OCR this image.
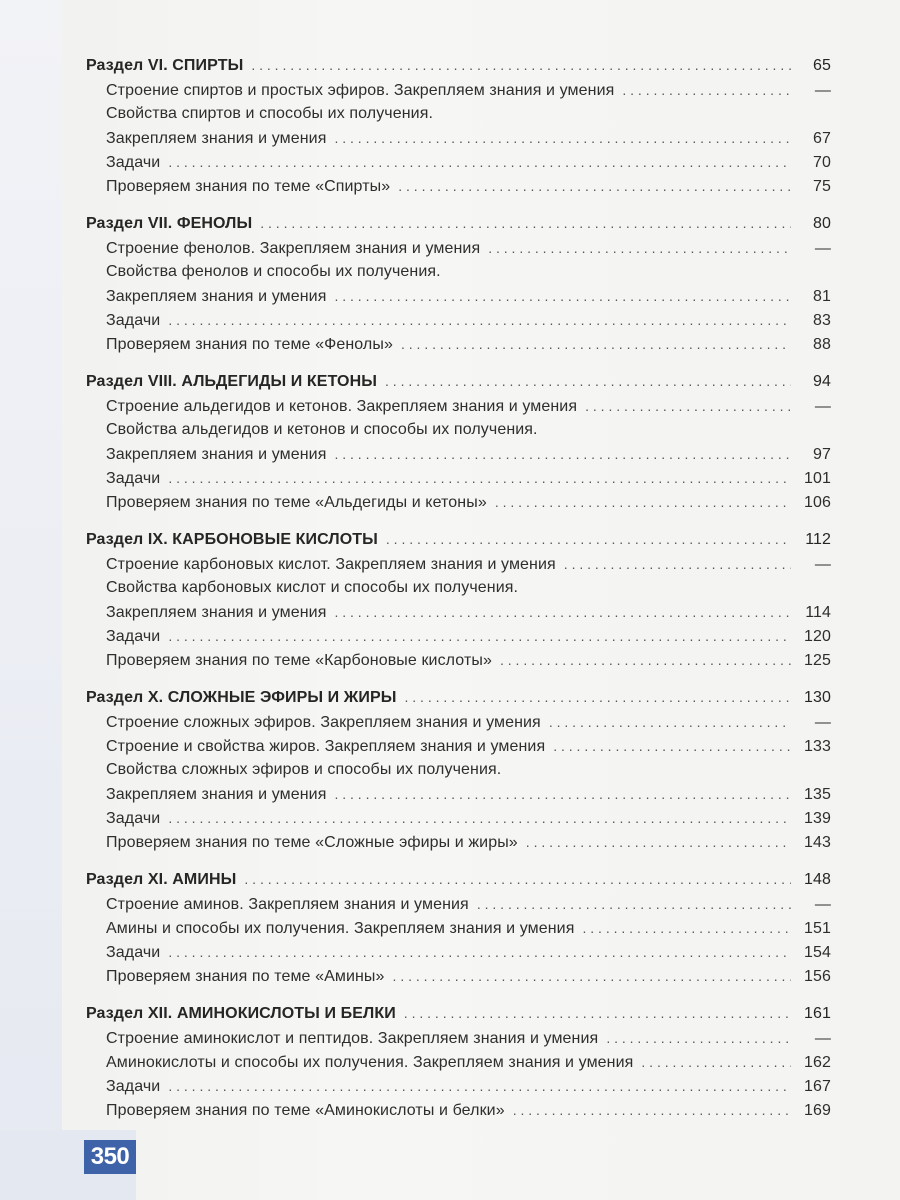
Раздел VI. СПИРТЫ . . .	65
Строение спиртов и простых эфиров. Закрепляем знания и умения . . .	—
Свойства спиртов и способы их получения.
Закрепляем знания и умения . . .	67
Задачи . . .	70
Проверяем знания по теме «Спирты» . . .	75
Раздел VII. ФЕНОЛЫ . . .	80
Строение фенолов. Закрепляем знания и умения . . .	—
Свойства фенолов и способы их получения.
Закрепляем знания и умения . . .	81
Задачи . . .	83
Проверяем знания по теме «Фенолы» . . .	88
Раздел VIII. АЛЬДЕГИДЫ И КЕТОНЫ . . .	94
Строение альдегидов и кетонов. Закрепляем знания и умения . . .	—
Свойства альдегидов и кетонов и способы их получения.
Закрепляем знания и умения . . .	97
Задачи . . .	101
Проверяем знания по теме «Альдегиды и кетоны» . . .	106
Раздел IX. КАРБОНОВЫЕ КИСЛОТЫ . . .	112
Строение карбоновых кислот. Закрепляем знания и умения . . .	—
Свойства карбоновых кислот и способы их получения.
Закрепляем знания и умения . . .	114
Задачи . . .	120
Проверяем знания по теме «Карбоновые кислоты» . . .	125
Раздел X. СЛОЖНЫЕ ЭФИРЫ И ЖИРЫ . . .	130
Строение сложных эфиров. Закрепляем знания и умения . . .	—
Строение и свойства жиров. Закрепляем знания и умения . . .	133
Свойства сложных эфиров и способы их получения.
Закрепляем знания и умения . . .	135
Задачи . . .	139
Проверяем знания по теме «Сложные эфиры и жиры» . . .	143
Раздел XI. АМИНЫ . . .	148
Строение аминов. Закрепляем знания и умения . . .	—
Амины и способы их получения. Закрепляем знания и умения . . .	151
Задачи . . .	154
Проверяем знания по теме «Амины» . . .	156
Раздел XII. АМИНОКИСЛОТЫ И БЕЛКИ . . .	161
Строение аминокислот и пептидов. Закрепляем знания и умения . . .	—
Аминокислоты и способы их получения. Закрепляем знания и умения . . .	162
Задачи . . .	167
Проверяем знания по теме «Аминокислоты и белки» . . .	169
350
